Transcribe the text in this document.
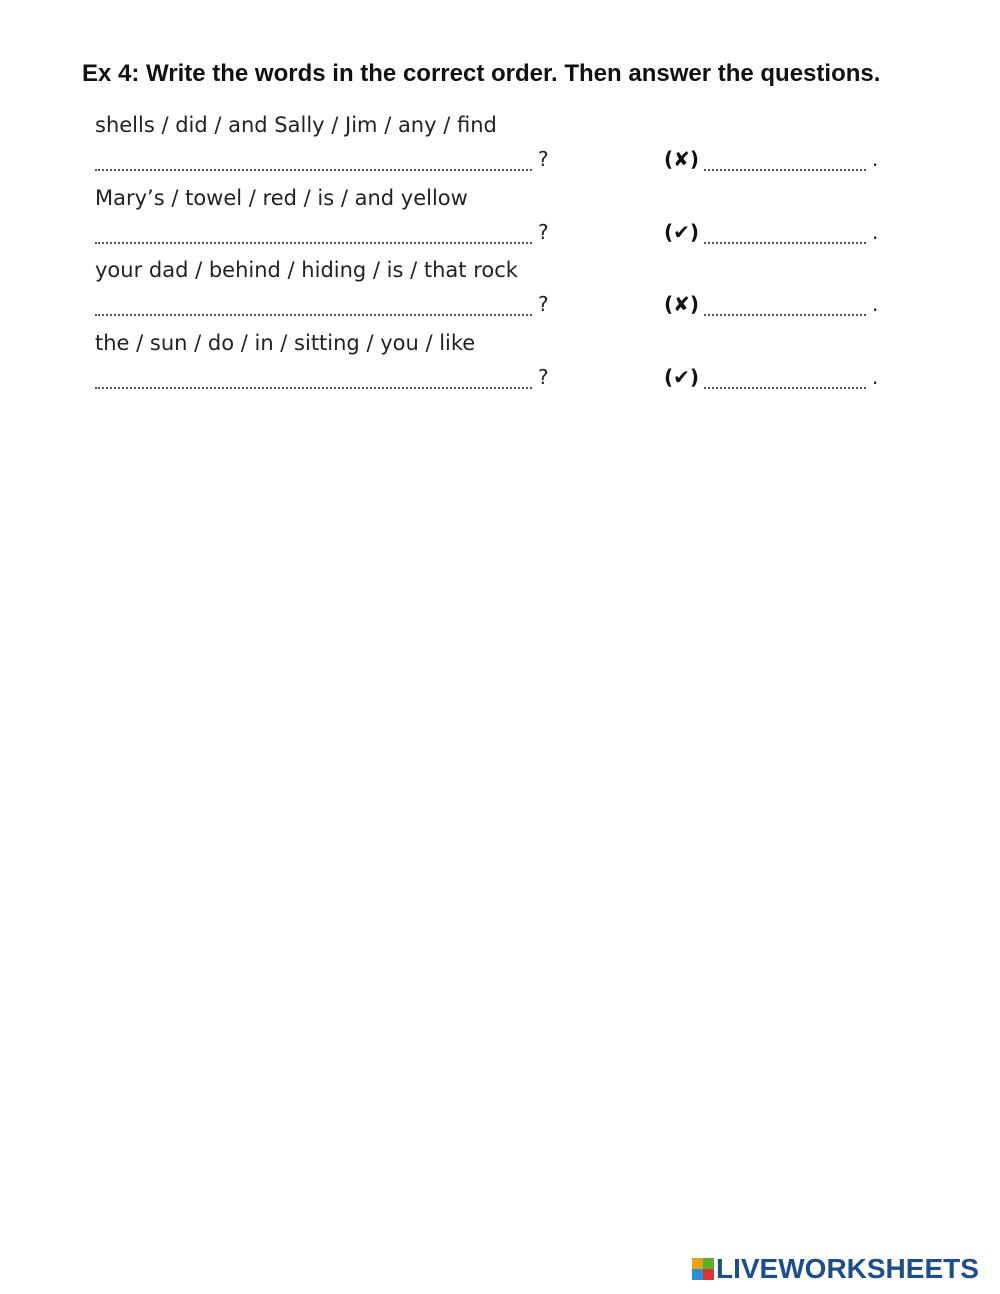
Ex 4: Write the words in the correct order. Then answer the questions.
shells / did / and Sally / Jim / any / find
?	(✘)	.
Mary’s / towel / red / is / and yellow
?	(✔)	.
your dad / behind / hiding / is / that rock
?	(✘)	.
the / sun / do / in / sitting / you / like
?	(✔)	.
LIVEWORKSHEETS
